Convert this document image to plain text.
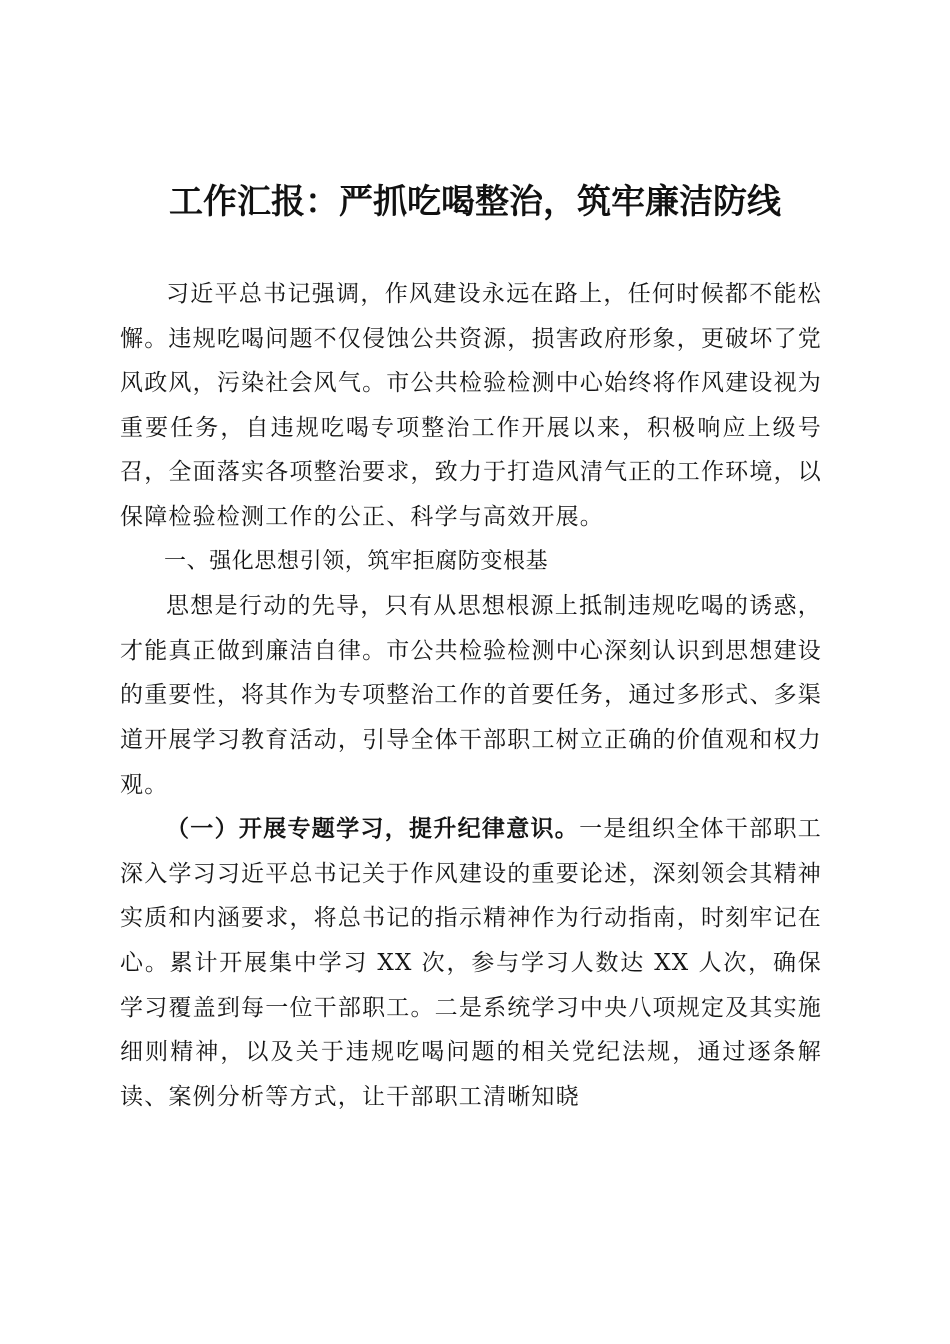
工作汇报：严抓吃喝整治，筑牢廉洁防线

习近平总书记强调，作风建设永远在路上，任何时候都不能松懈。违规吃喝问题不仅侵蚀公共资源，损害政府形象，更破坏了党风政风，污染社会风气。市公共检验检测中心始终将作风建设视为重要任务，自违规吃喝专项整治工作开展以来，积极响应上级号召，全面落实各项整治要求，致力于打造风清气正的工作环境，以保障检验检测工作的公正、科学与高效开展。

一、强化思想引领，筑牢拒腐防变根基

思想是行动的先导，只有从思想根源上抵制违规吃喝的诱惑，才能真正做到廉洁自律。市公共检验检测中心深刻认识到思想建设的重要性，将其作为专项整治工作的首要任务，通过多形式、多渠道开展学习教育活动，引导全体干部职工树立正确的价值观和权力观。

（一）开展专题学习，提升纪律意识。一是组织全体干部职工深入学习习近平总书记关于作风建设的重要论述，深刻领会其精神实质和内涵要求，将总书记的指示精神作为行动指南，时刻牢记在心。累计开展集中学习 XX 次，参与学习人数达 XX 人次，确保学习覆盖到每一位干部职工。二是系统学习中央八项规定及其实施细则精神，以及关于违规吃喝问题的相关党纪法规，通过逐条解读、案例分析等方式，让干部职工清晰知晓
